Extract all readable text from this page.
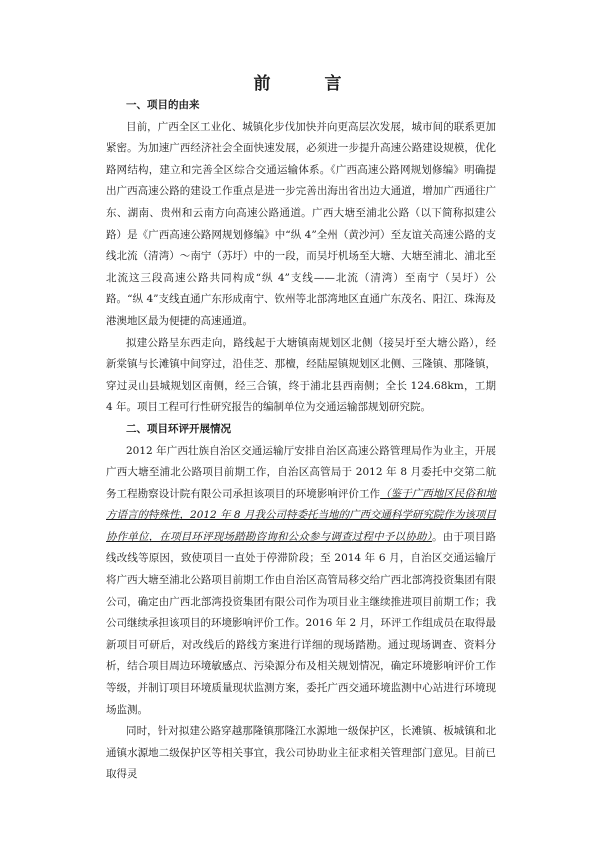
前 言

一、项目的由来

目前，广西全区工业化、城镇化步伐加快并向更高层次发展，城市间的联系更加紧密。为加速广西经济社会全面快速发展，必须进一步提升高速公路建设规模，优化路网结构，建立和完善全区综合交通运输体系。《广西高速公路网规划修编》明确提出广西高速公路的建设工作重点是进一步完善出海出省出边大通道，增加广西通往广东、湖南、贵州和云南方向高速公路通道。广西大塘至浦北公路（以下简称拟建公路）是《广西高速公路网规划修编》中“纵 4”全州（黄沙河）至友谊关高速公路的支线北流（清湾）～南宁（苏圩）中的一段，而吴圩机场至大塘、大塘至浦北、浦北至北流这三段高速公路共同构成“纵 4”支线——北流（清湾）至南宁（吴圩）公路。“纵 4”支线直通广东形成南宁、钦州等北部湾地区直通广东茂名、阳江、珠海及港澳地区最为便捷的高速通道。

拟建公路呈东西走向，路线起于大塘镇南规划区北侧（接吴圩至大塘公路），经新棠镇与长滩镇中间穿过，沿佳芝、那檀，经陆屋镇规划区北侧、三隆镇、那隆镇，穿过灵山县城规划区南侧，经三合镇，终于浦北县西南侧；全长 124.68km，工期 4 年。项目工程可行性研究报告的编制单位为交通运输部规划研究院。

二、项目环评开展情况

2012 年广西壮族自治区交通运输厅安排自治区高速公路管理局作为业主，开展广西大塘至浦北公路项目前期工作，自治区高管局于 2012 年 8 月委托中交第二航务工程勘察设计院有限公司承担该项目的环境影响评价工作（鉴于广西地区民俗和地方语言的特殊性，2012 年 8 月我公司特委托当地的广西交通科学研究院作为该项目协作单位，在项目环评现场踏勘咨询和公众参与调查过程中予以协助）。由于项目路线改线等原因，致使项目一直处于停滞阶段；至 2014 年 6 月，自治区交通运输厅将广西大塘至浦北公路项目前期工作由自治区高管局移交给广西北部湾投资集团有限公司，确定由广西北部湾投资集团有限公司作为项目业主继续推进项目前期工作；我公司继续承担该项目的环境影响评价工作。2016 年 2 月，环评工作组成员在取得最新项目可研后，对改线后的路线方案进行详细的现场踏勘。通过现场调查、资料分析，结合项目周边环境敏感点、污染源分布及相关规划情况，确定环境影响评价工作等级，并制订项目环境质量现状监测方案，委托广西交通环境监测中心站进行环境现场监测。

同时，针对拟建公路穿越那隆镇那隆江水源地一级保护区，长滩镇、板城镇和北通镇水源地二级保护区等相关事宜，我公司协助业主征求相关管理部门意见。目前已取得灵
